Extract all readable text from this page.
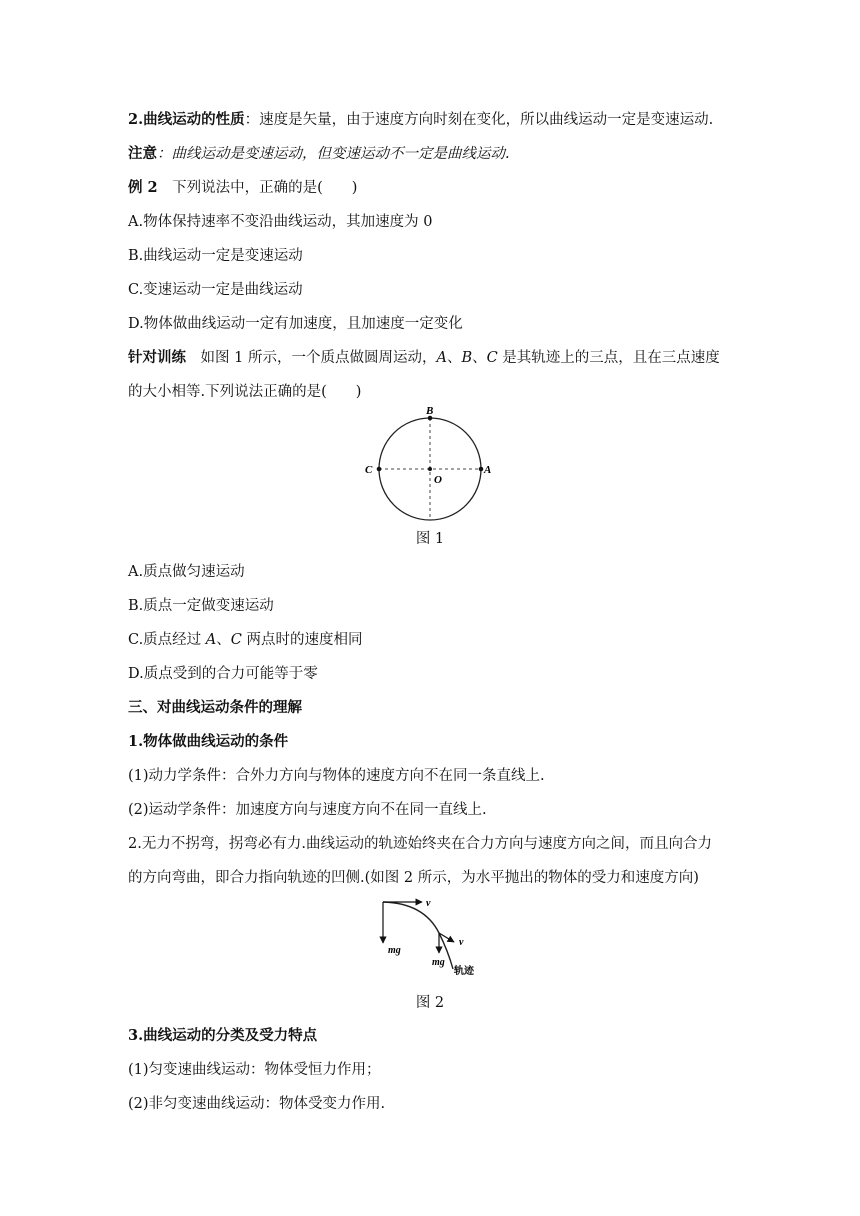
2.曲线运动的性质：速度是矢量，由于速度方向时刻在变化，所以曲线运动一定是变速运动.
注意：曲线运动是变速运动，但变速运动不一定是曲线运动.
例 2　下列说法中，正确的是(　　)
A.物体保持速率不变沿曲线运动，其加速度为 0
B.曲线运动一定是变速运动
C.变速运动一定是曲线运动
D.物体做曲线运动一定有加速度，且加速度一定变化
针对训练　如图 1 所示，一个质点做圆周运动，A、B、C 是其轨迹上的三点，且在三点速度
的大小相等.下列说法正确的是(　　)
B
C	A
O
图 1
A.质点做匀速运动
B.质点一定做变速运动
C.质点经过 A、C 两点时的速度相同
D.质点受到的合力可能等于零
三、对曲线运动条件的理解
1.物体做曲线运动的条件
(1)动力学条件：合外力方向与物体的速度方向不在同一条直线上.
(2)运动学条件：加速度方向与速度方向不在同一直线上.
2.无力不拐弯，拐弯必有力.曲线运动的轨迹始终夹在合力方向与速度方向之间，而且向合力
的方向弯曲，即合力指向轨迹的凹侧.(如图 2 所示，为水平抛出的物体的受力和速度方向)
v
mg
v
mg
轨迹
图 2
3.曲线运动的分类及受力特点
(1)匀变速曲线运动：物体受恒力作用；
(2)非匀变速曲线运动：物体受变力作用.
